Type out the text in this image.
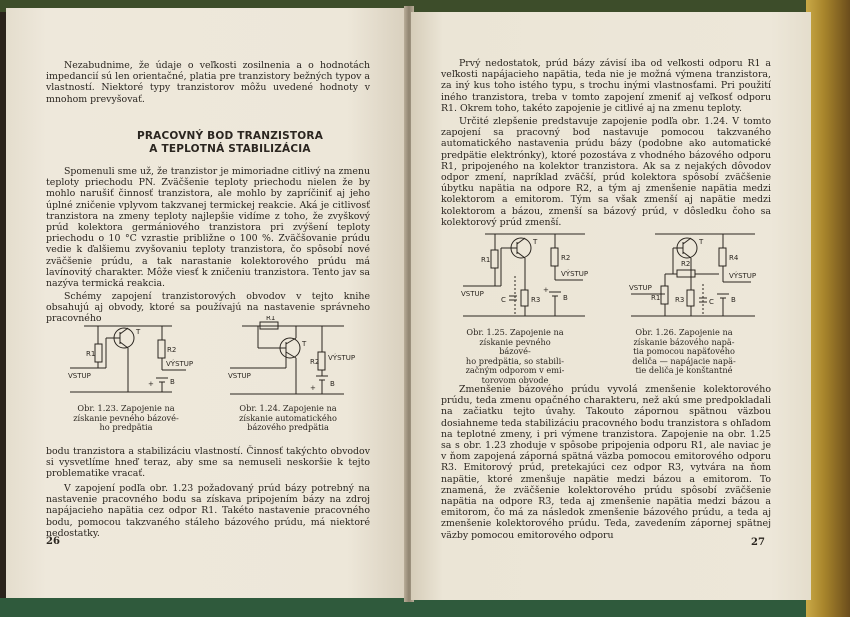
Nezabudnime, že údaje o veľkosti zosilnenia a o hodnotách impedancií sú len orientačné, platia pre tranzistory bežných typov a vlastností. Niektoré typy tranzistorov môžu uvedené hodnoty v mnohom prevyšovať.

PRACOVNÝ BOD TRANZISTORA
A TEPLOTNÁ STABILIZÁCIA

Spomenuli sme už, že tranzistor je mimoriadne citlivý na zmenu teploty priechodu PN. Zväčšenie teploty priechodu nielen že by mohlo narušiť činnosť tranzistora, ale mohlo by zapríčiniť aj jeho úplné zničenie vplyvom takzvanej termickej reakcie. Aká je citlivosť tranzistora na zmeny teploty najlepšie vidíme z toho, že zvyškový prúd kolektora germániového tranzistora pri zvýšení teploty priechodu o 10 °C vzrastie približne o 100 %. Zväčšovanie prúdu vedie k ďalšiemu zvyšovaniu teploty tranzistora, čo spôsobí nové zväčšenie prúdu, a tak narastanie kolektorového prúdu má lavínovitý charakter. Môže viesť k zničeniu tranzistora. Tento jav sa nazýva termická reakcia.

Schémy zapojení tranzistorových obvodov v tejto knihe obsahujú aj obvody, ktoré sa používajú na nastavenie správneho pracovného

T
R1	R2
VÝSTUP
VSTUP
+ B
Obr. 1.23. Zapojenie na
získanie pevného bázové-
ho predpätia
R1
T
R2 VÝSTUP
VSTUP
+ B
Obr. 1.24. Zapojenie na
získanie automatického
bázového predpätia

bodu tranzistora a stabilizáciu vlastností. Činnosť takýchto obvodov si vysvetlíme hneď teraz, aby sme sa nemuseli neskoršie k tejto problematike vracať.

V zapojení podľa obr. 1.23 požadovaný prúd bázy potrebný na nastavenie pracovného bodu sa získava pripojením bázy na zdroj napájacieho napätia cez odpor R1. Takéto nastavenie pracovného bodu, pomocou takzvaného stáleho bázového prúdu, má niektoré nedostatky.

26

Prvý nedostatok, prúd bázy závisí iba od veľkosti odporu R1 a veľkosti napájacieho napätia, teda nie je možná výmena tranzistora, za iný kus toho istého typu, s trochu inými vlastnosťami. Pri použití iného tranzistora, treba v tomto zapojení zmeniť aj veľkosť odporu R1. Okrem toho, takéto zapojenie je citlivé aj na zmenu teploty.

Určité zlepšenie predstavuje zapojenie podľa obr. 1.24. V tomto zapojení sa pracovný bod nastavuje pomocou takzvaného automatického nastavenia prúdu bázy (podobne ako automatické predpätie elektrónky), ktoré pozostáva z vhodného bázového odporu R1, pripojeného na kolektor tranzistora. Ak sa z nejakých dôvodov odpor zmení, napríklad zväčší, prúd kolektora spôsobí zväčšenie úbytku napätia na odpore R2, a tým aj zmenšenie napätia medzi kolektorom a emitorom. Tým sa však zmenší aj napätie medzi kolektorom a bázou, zmenší sa bázový prúd, v dôsledku čoho sa kolektorový prúd zmenší.

T
R1	R2
VÝSTUP
VSTUP
C	R3
+
B
Obr. 1.25. Zapojenie na
získanie pevného bázové-
ho predpätia, so stabili-
začným odporom v emi-
torovom obvode
T
R4
R2
VÝSTUP
VSTUP
R1 R3	C B
Obr. 1.26. Zapojenie na
získanie bázového napä-
tia pomocou napäťového
deliča — napájacie napä-
tie deliča je konštantné

Zmenšenie bázového prúdu vyvolá zmenšenie kolektorového prúdu, teda zmenu opačného charakteru, než akú sme predpokladali na začiatku tejto úvahy. Takouto zápornou spätnou väzbou dosiahneme teda stabilizáciu pracovného bodu tranzistora s ohľadom na teplotné zmeny, i pri výmene tranzistora. Zapojenie na obr. 1.25 sa s obr. 1.23 zhoduje v spôsobe pripojenia odporu R1, ale naviac je v ňom zapojená záporná spätná väzba pomocou emitorového odporu R3. Emitorový prúd, pretekajúci cez odpor R3, vytvára na ňom napätie, ktoré zmenšuje napätie medzi bázou a emitorom. To znamená, že zväčšenie kolektorového prúdu spôsobí zväčšenie napätia na odpore R3, teda aj zmenšenie napätia medzi bázou a emitorom, čo má za následok zmenšenie bázového prúdu, a teda aj zmenšenie kolektorového prúdu. Teda, zavedením zápornej spätnej väzby pomocou emitorového odporu

27
